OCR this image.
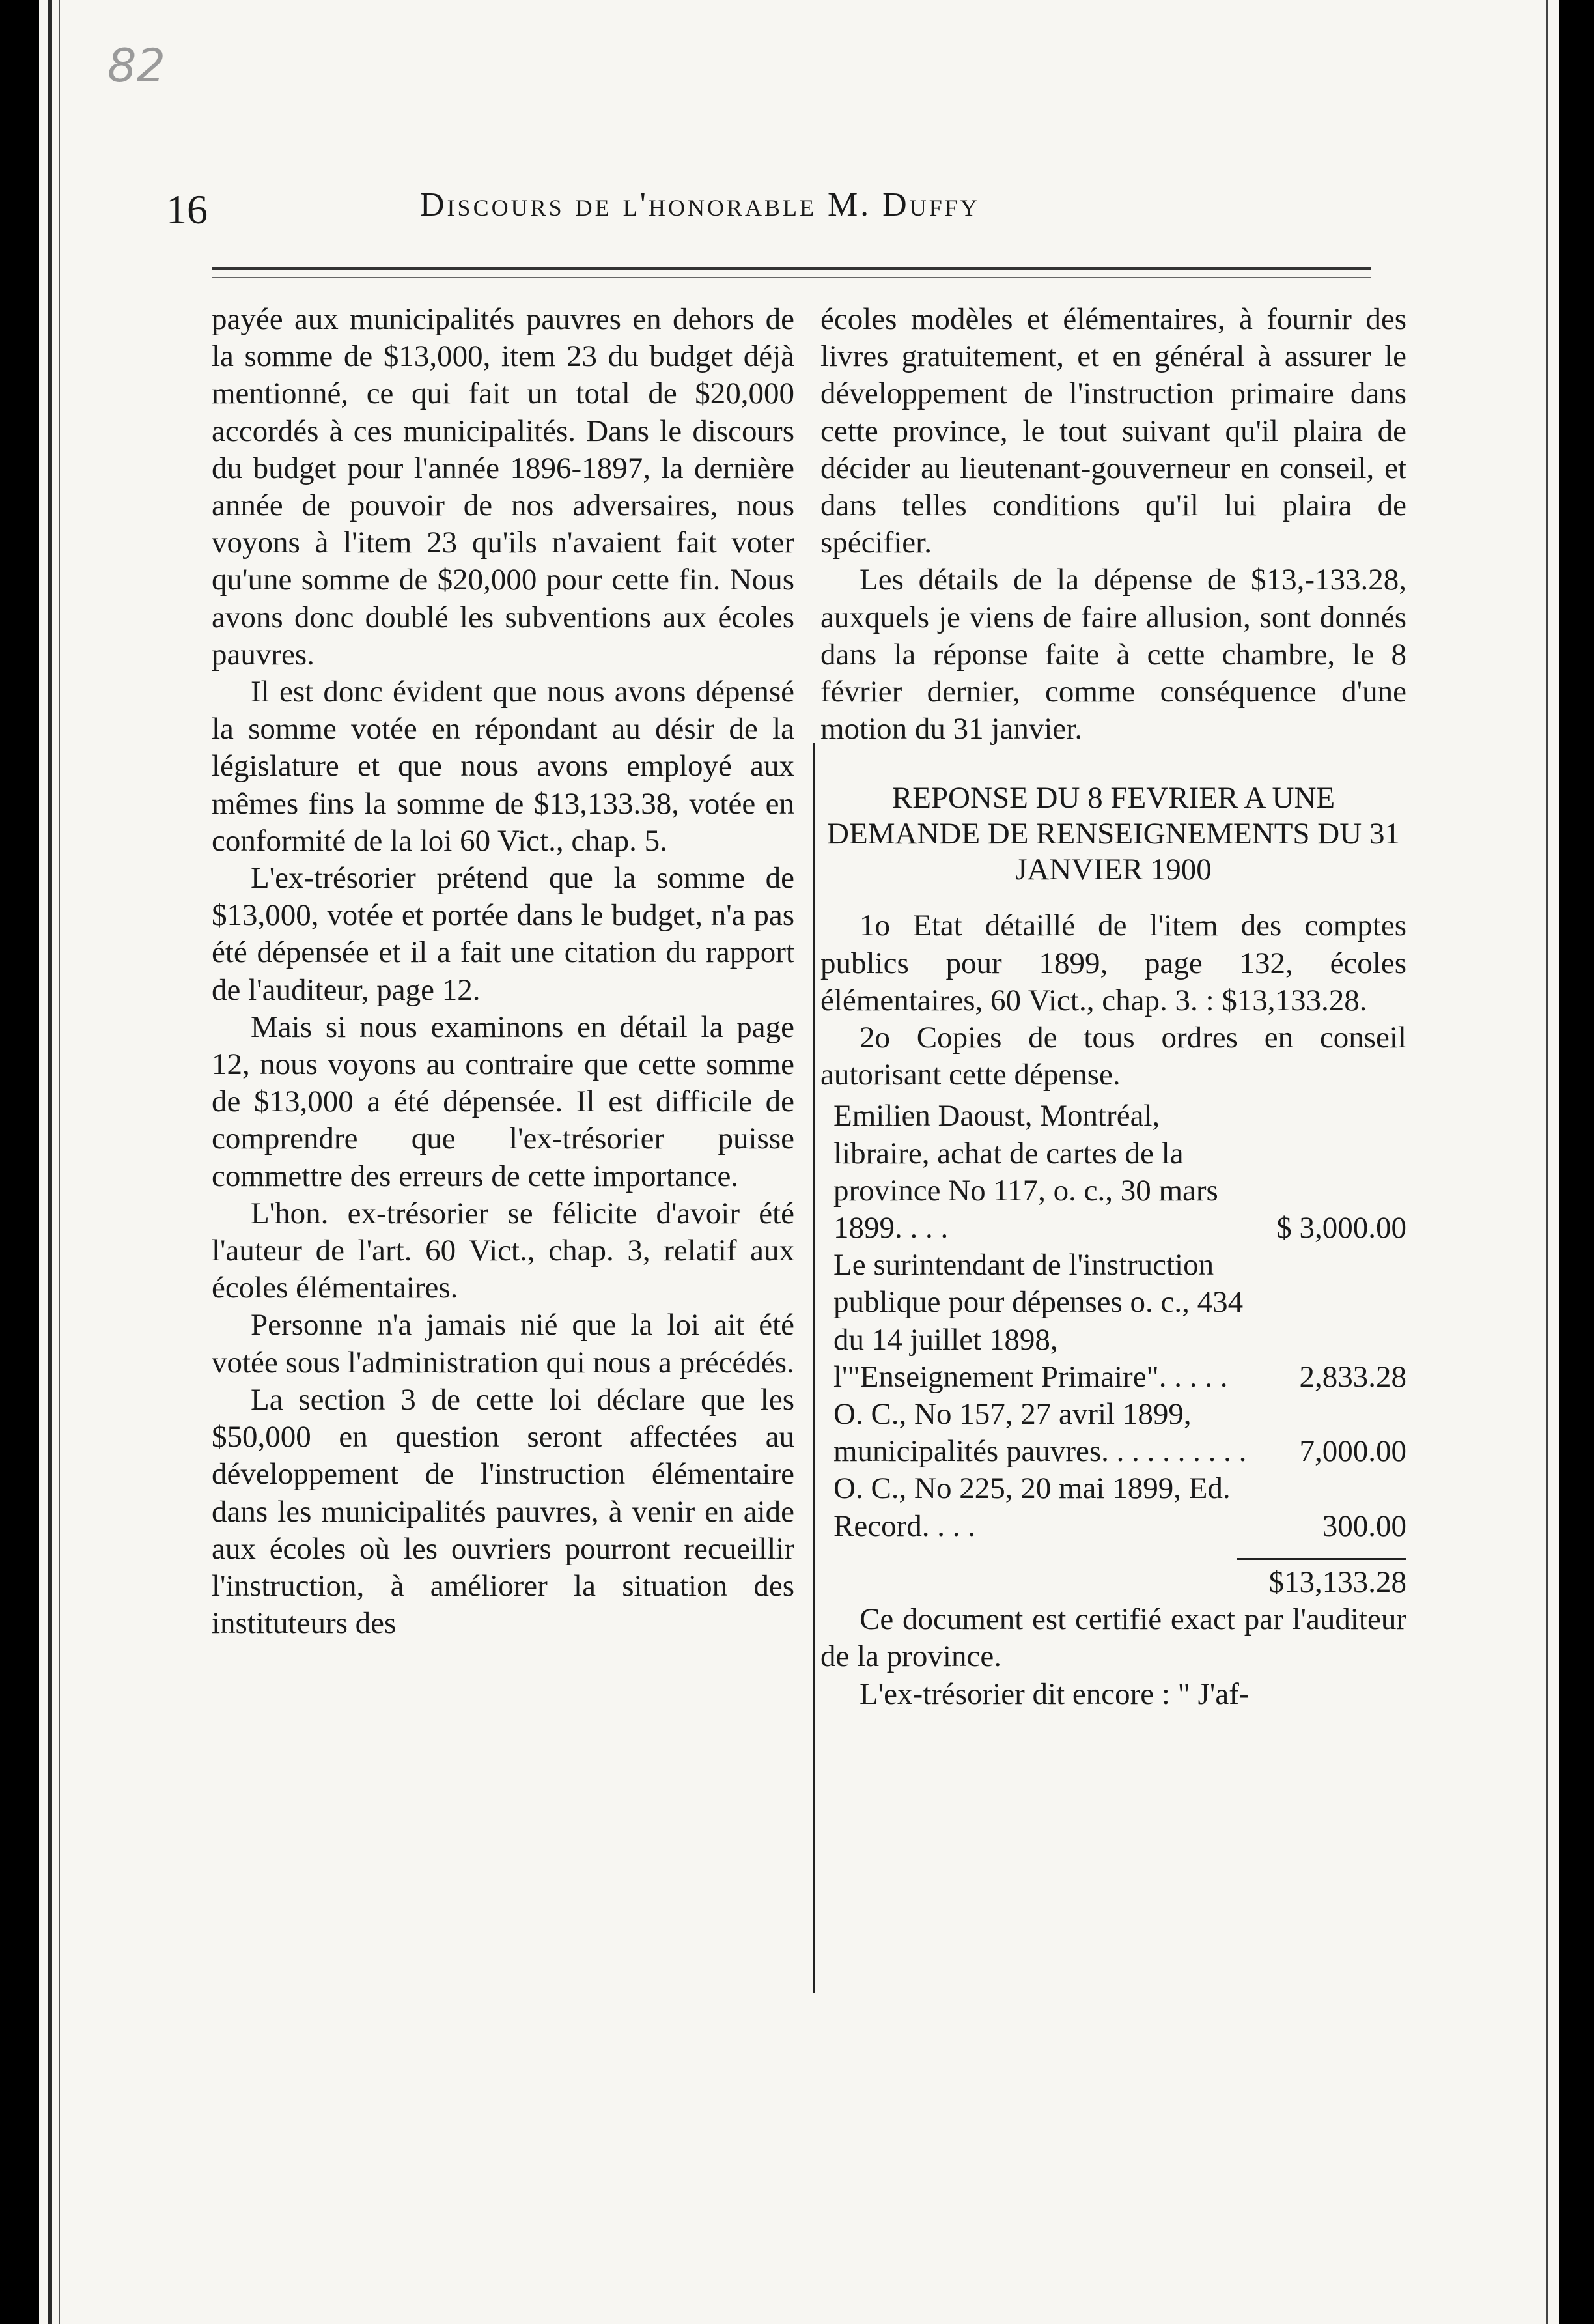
82
16	Discours de l'honorable M. Duffy

payée aux municipalités pauvres en dehors de la somme de $13,000, item 23 du budget déjà mentionné, ce qui fait un total de $20,000 accordés à ces municipalités. Dans le discours du budget pour l'année 1896-1897, la dernière année de pouvoir de nos adversaires, nous voyons à l'item 23 qu'ils n'avaient fait voter qu'une somme de $20,000 pour cette fin. Nous avons donc doublé les subventions aux écoles pauvres.

Il est donc évident que nous avons dépensé la somme votée en répondant au désir de la législature et que nous avons employé aux mêmes fins la somme de $13,133.38, votée en conformité de la loi 60 Vict., chap. 5.

L'ex-trésorier prétend que la somme de $13,000, votée et portée dans le budget, n'a pas été dépensée et il a fait une citation du rapport de l'auditeur, page 12.

Mais si nous examinons en détail la page 12, nous voyons au contraire que cette somme de $13,000 a été dépensée. Il est difficile de comprendre que l'ex-trésorier puisse commettre des erreurs de cette importance.

L'hon. ex-trésorier se félicite d'avoir été l'auteur de l'art. 60 Vict., chap. 3, relatif aux écoles élémentaires.

Personne n'a jamais nié que la loi ait été votée sous l'administration qui nous a précédés.

La section 3 de cette loi déclare que les $50,000 en question seront affectées au développement de l'instruction élémentaire dans les municipalités pauvres, à venir en aide aux écoles où les ouvriers pourront recueillir l'instruction, à améliorer la situation des instituteurs des

écoles modèles et élémentaires, à fournir des livres gratuitement, et en général à assurer le développement de l'instruction primaire dans cette province, le tout suivant qu'il plaira de décider au lieutenant-gouverneur en conseil, et dans telles conditions qu'il lui plaira de spécifier.

Les détails de la dépense de $13,-133.28, auxquels je viens de faire allusion, sont donnés dans la réponse faite à cette chambre, le 8 février dernier, comme conséquence d'une motion du 31 janvier.

REPONSE DU 8 FEVRIER A UNE DEMANDE DE RENSEIGNEMENTS DU 31 JANVIER 1900

1o Etat détaillé de l'item des comptes publics pour 1899, page 132, écoles élémentaires, 60 Vict., chap. 3. : $13,133.28.

2o Copies de tous ordres en conseil autorisant cette dépense.

Emilien Daoust, Montréal, libraire, achat de cartes de la province No 117, o. c., 30 mars 1899. . . .	$ 3,000.00
Le surintendant de l'instruction publique pour dépenses o. c., 434 du 14 juillet 1898, l'"Enseignement Primaire". . . . .	2,833.28
O. C., No 157, 27 avril 1899, municipalités pauvres. . . . . . . . . .	7,000.00
O. C., No 225, 20 mai 1899, Ed. Record. . . .	300.00
$13,133.28

Ce document est certifié exact par l'auditeur de la province.

L'ex-trésorier dit encore : " J'af-
